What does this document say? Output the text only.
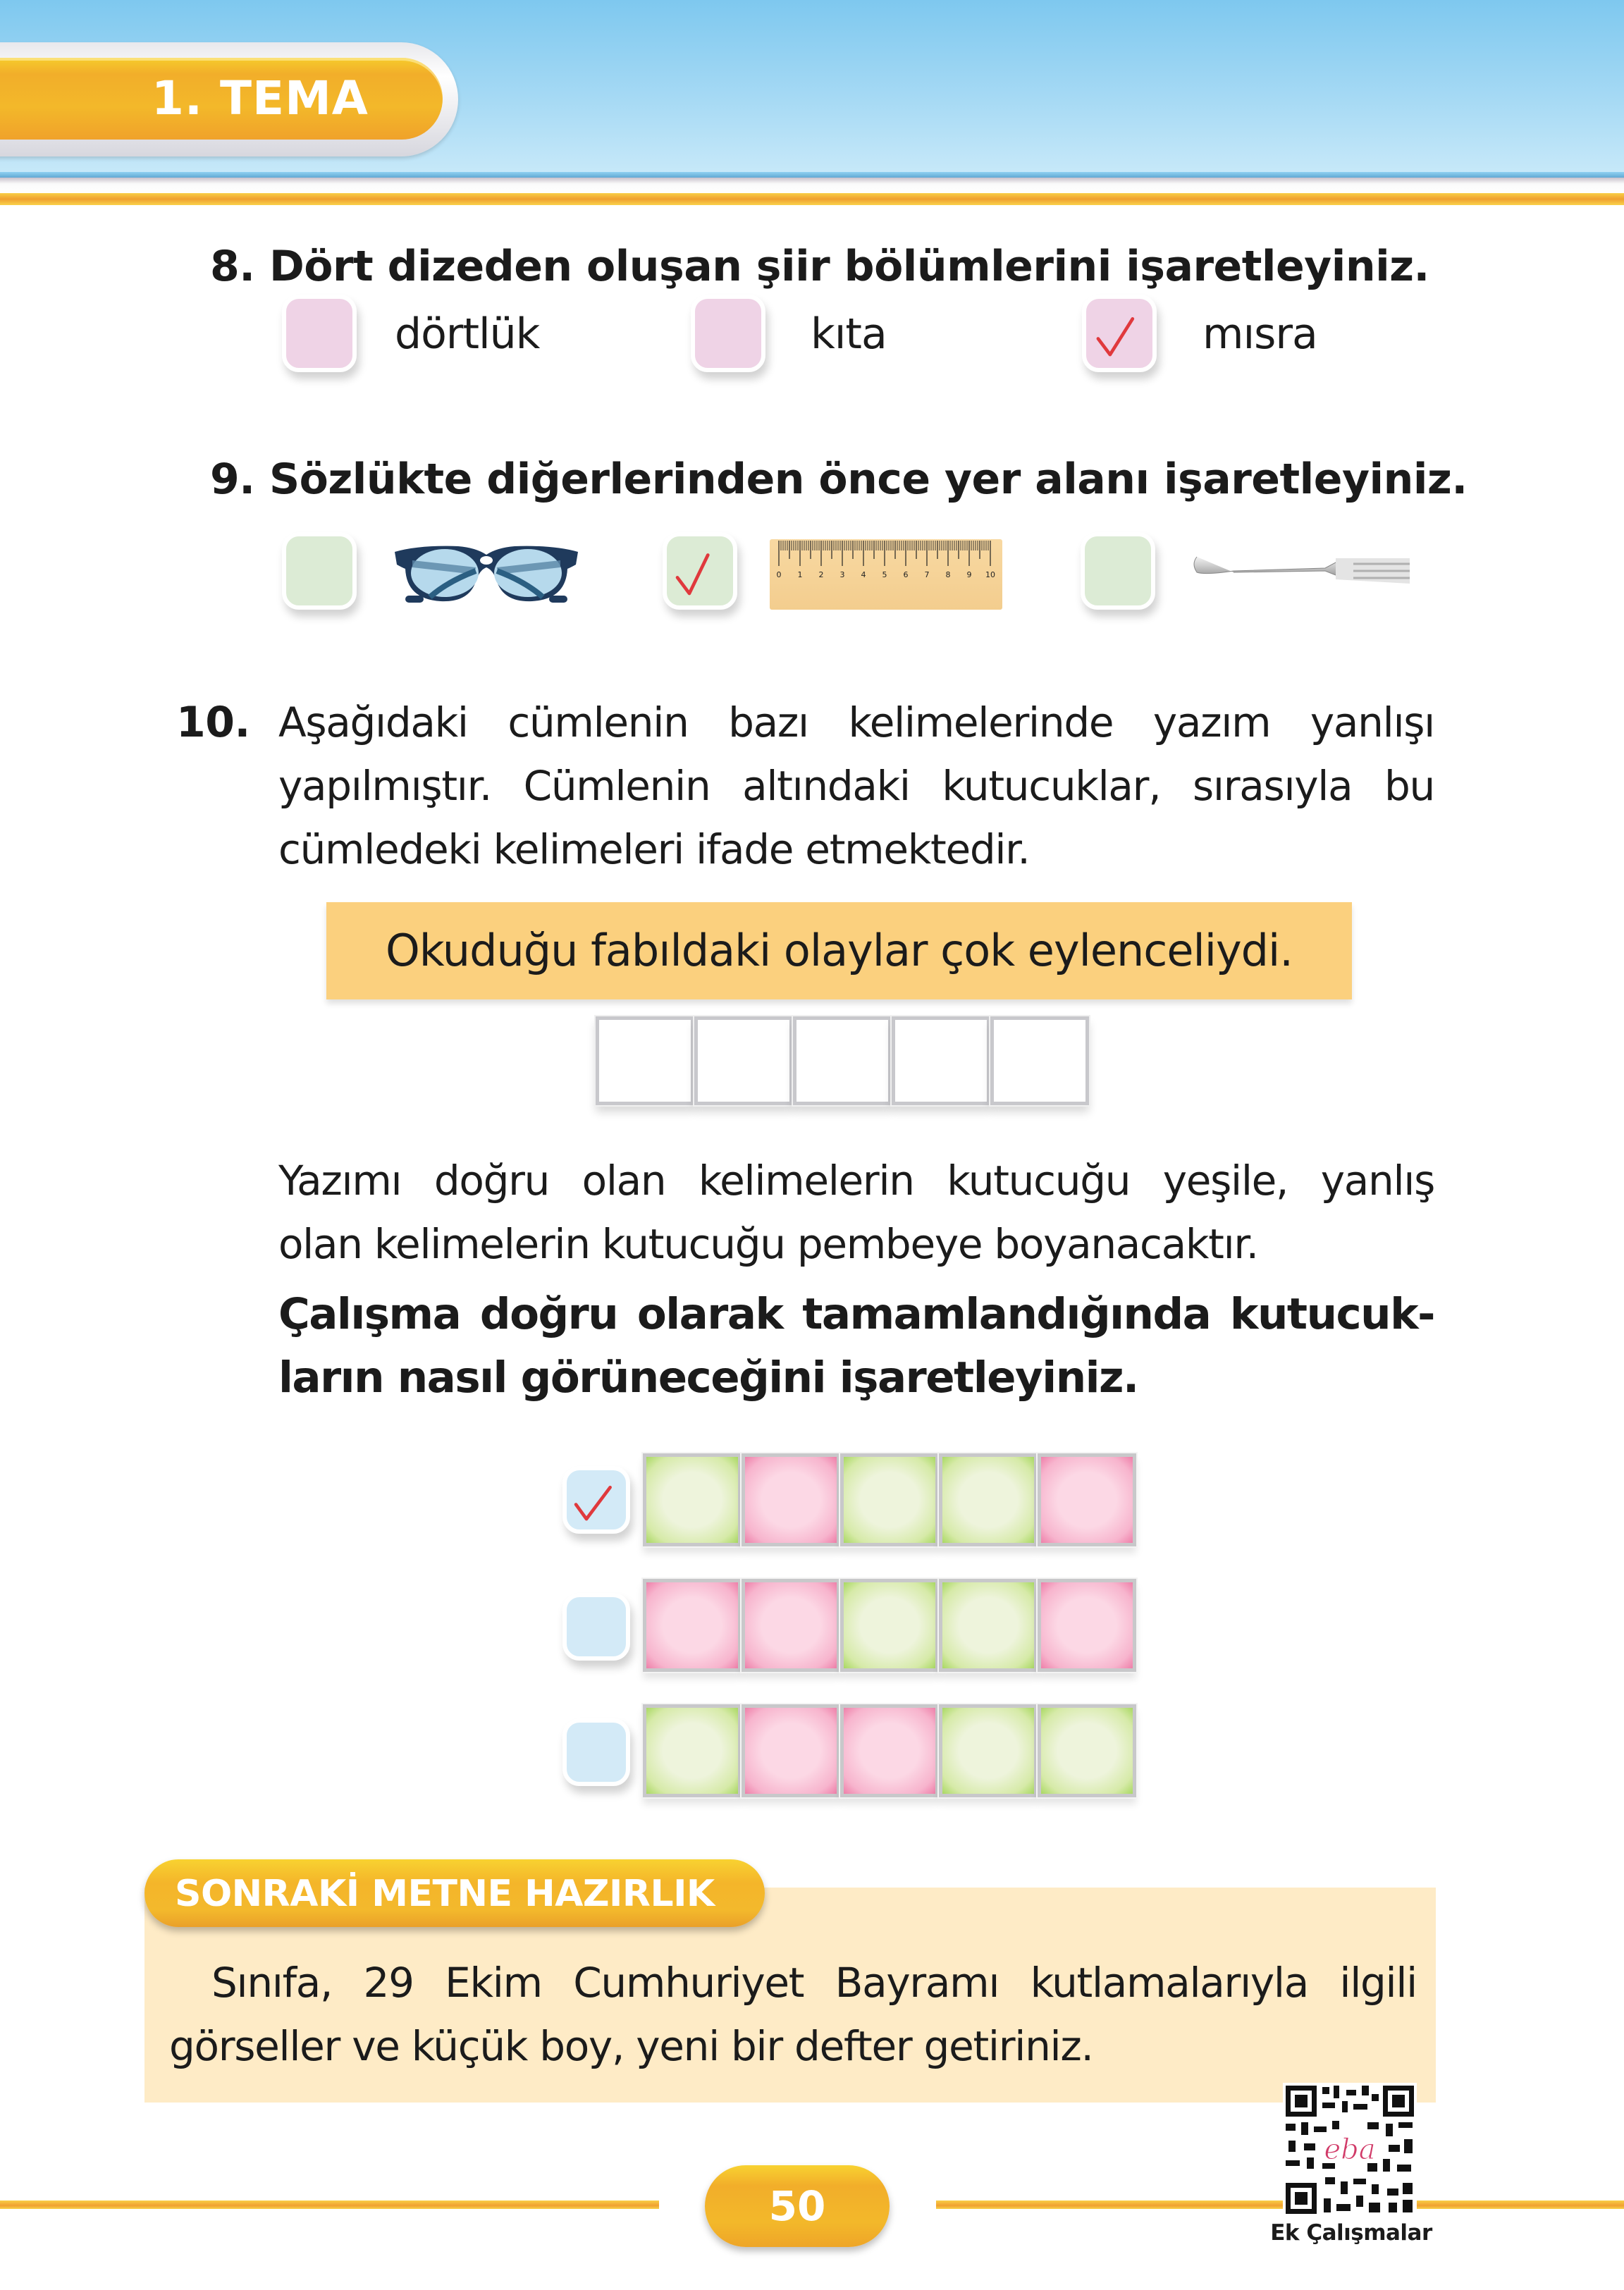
1. TEMA
8. Dört dizeden oluşan şiir bölümlerini işaretleyiniz.
dörtlük	kıta	mısra
9. Sözlükte diğerlerinden önce yer alanı işaretleyiniz.
0 1 2 3 4 5 6 7 8 9 10
10. Aşağıdaki cümlenin bazı kelimelerinde yazım yanlışı
yapılmıştır. Cümlenin altındaki kutucuklar, sırasıyla bu
cümledeki kelimeleri ifade etmektedir.
Okuduğu fabıldaki olaylar çok eylenceliydi.
Yazımı doğru olan kelimelerin kutucuğu yeşile, yanlış
olan kelimelerin kutucuğu pembeye boyanacaktır.
Çalışma doğru olarak tamamlandığında kutucuk-
ların nasıl görüneceğini işaretleyiniz.
SONRAKİ METNE HAZIRLIK
Sınıfa, 29 Ekim Cumhuriyet Bayramı kutlamalarıyla ilgili
görseller ve küçük boy, yeni bir defter getiriniz.
50
eba
Ek Çalışmalar
